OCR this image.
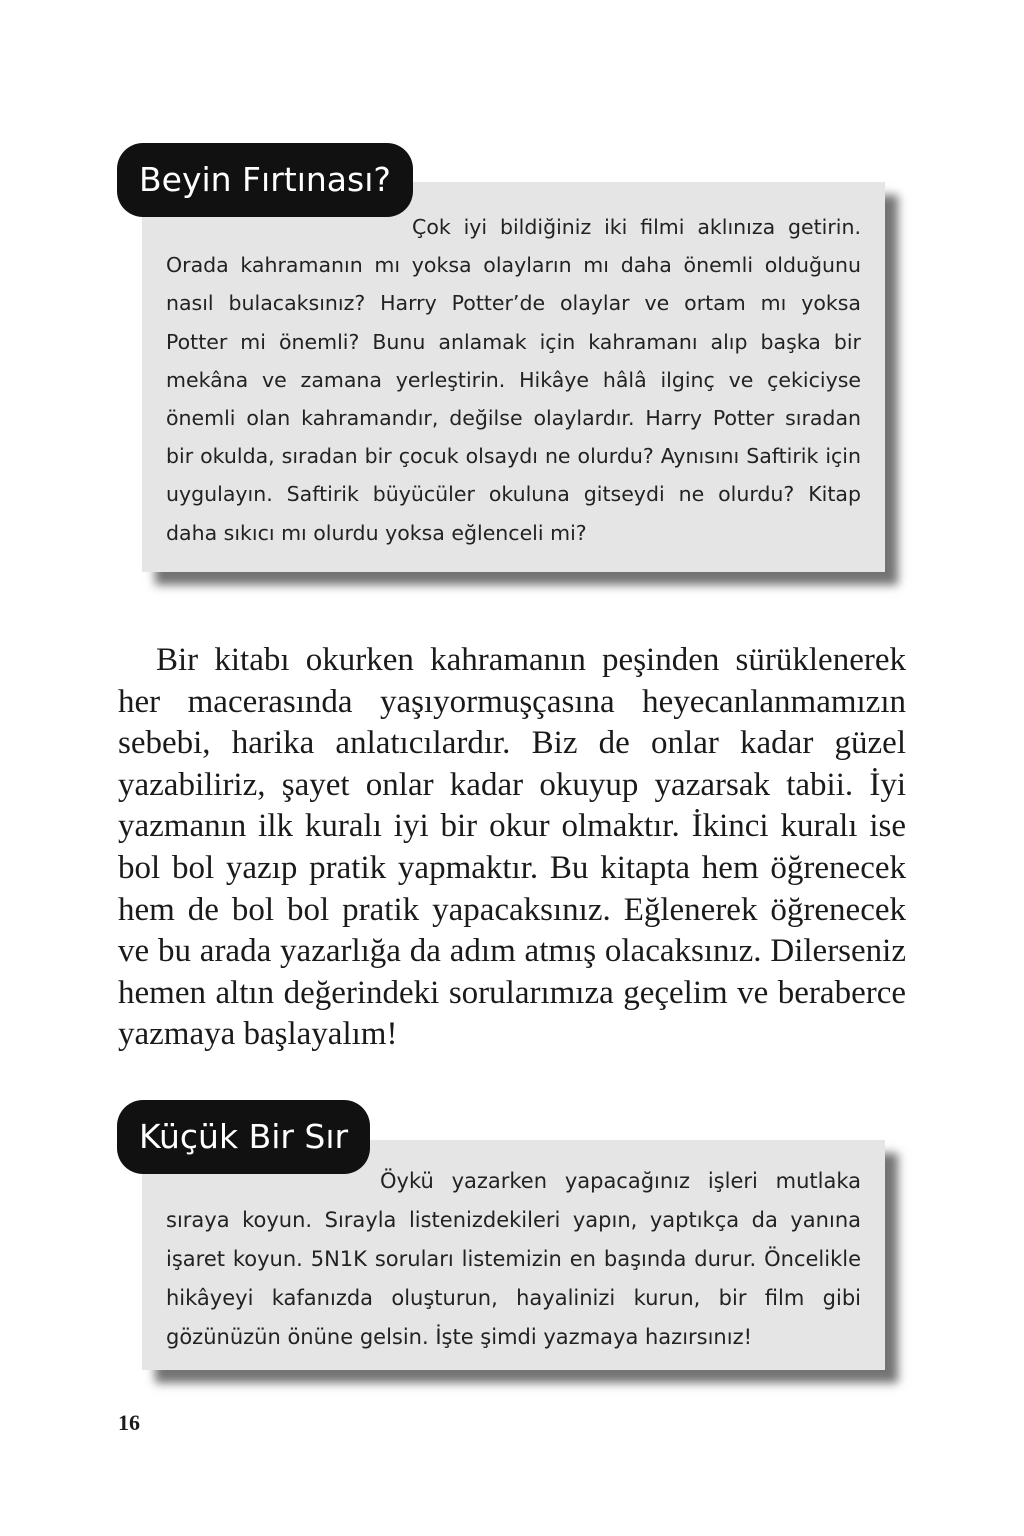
Çok iyi bildiğiniz iki filmi aklınıza getirin. Orada kahramanın mı yoksa olayların mı daha önemli olduğunu nasıl bulacaksınız? Harry Potter’de olaylar ve ortam mı yoksa Potter mi önemli? Bunu anlamak için kahramanı alıp başka bir mekâna ve zamana yerleştirin. Hikâye hâlâ ilginç ve çekiciyse önemli olan kahramandır, değilse olaylardır. Harry Potter sıradan bir okulda, sıradan bir çocuk olsaydı ne olurdu? Aynısını Saftirik için uygulayın. Saftirik büyücüler okuluna gitseydi ne olurdu? Kitap daha sıkıcı mı olurdu yoksa eğlenceli mi?

Beyin Fırtınası?

Bir kitabı okurken kahramanın peşinden sürüklenerek her macerasında yaşıyormuşçasına heyecanlanmamızın sebebi, harika anlatıcılardır. Biz de onlar kadar güzel yazabiliriz, şayet onlar kadar okuyup yazarsak tabii. İyi yazmanın ilk kuralı iyi bir okur olmaktır. İkinci kuralı ise bol bol yazıp pratik yapmaktır. Bu kitapta hem öğrenecek hem de bol bol pratik yapacaksınız. Eğlenerek öğrenecek ve bu arada yazarlığa da adım atmış olacaksınız. Dilerseniz hemen altın değerindeki sorularımıza geçelim ve beraberce yazmaya başlayalım!

Öykü yazarken yapacağınız işleri mutlaka sıraya koyun. Sırayla listenizdekileri yapın, yaptıkça da yanına işaret koyun. 5N1K soruları listemizin en başında durur. Öncelikle hikâyeyi kafanızda oluşturun, hayalinizi kurun, bir film gibi gözünüzün önüne gelsin. İşte şimdi yazmaya hazırsınız!

Küçük Bir Sır
16
